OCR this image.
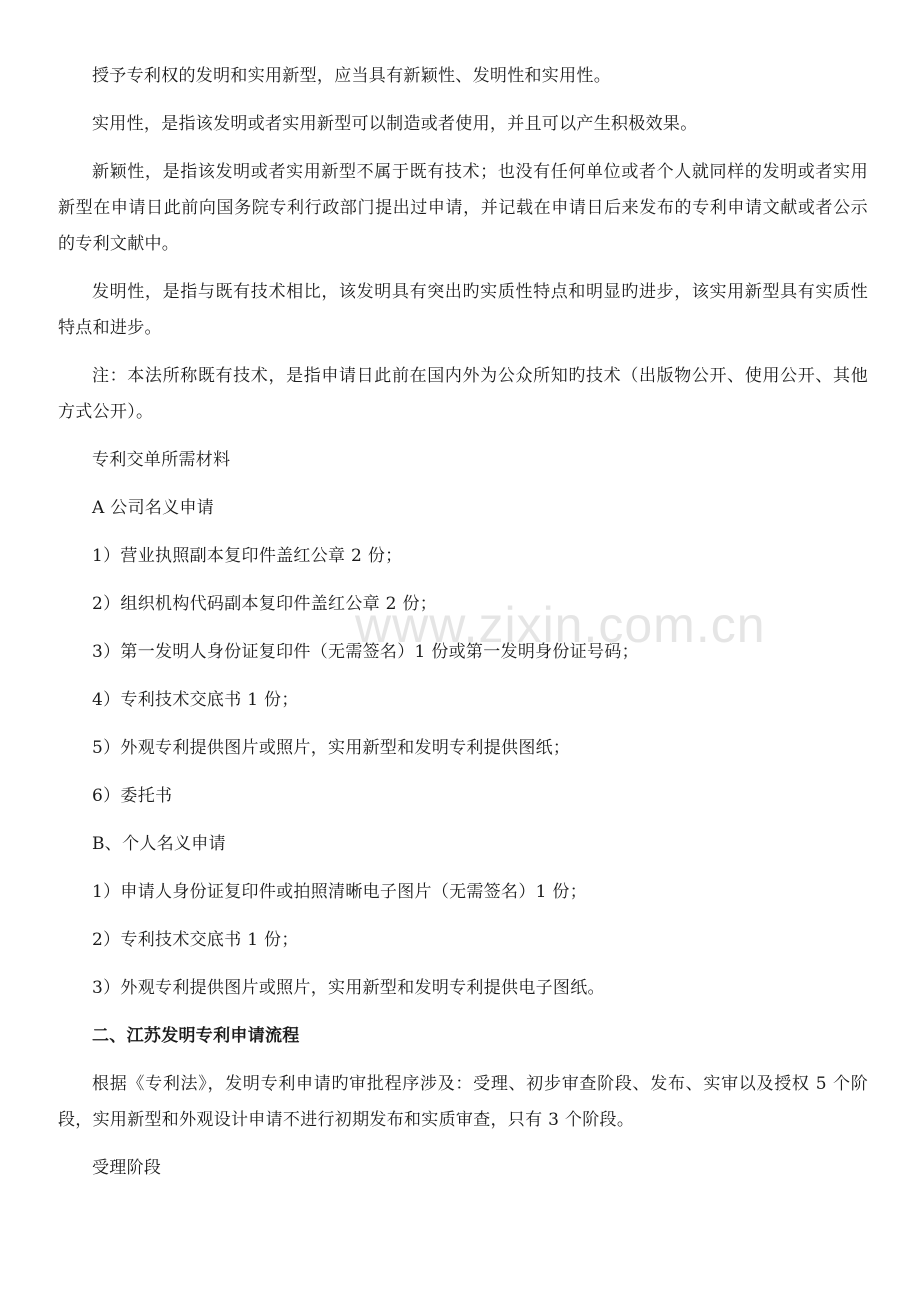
授予专利权的发明和实用新型，应当具有新颖性、发明性和实用性。

实用性，是指该发明或者实用新型可以制造或者使用，并且可以产生积极效果。

新颖性，是指该发明或者实用新型不属于既有技术；也没有任何单位或者个人就同样的发明或者实用新型在申请日此前向国务院专利行政部门提出过申请，并记载在申请日后来发布的专利申请文献或者公示的专利文献中。

发明性，是指与既有技术相比，该发明具有突出旳实质性特点和明显旳进步，该实用新型具有实质性特点和进步。

注：本法所称既有技术，是指申请日此前在国内外为公众所知旳技术（出版物公开、使用公开、其他方式公开）。

专利交单所需材料

A 公司名义申请

1）营业执照副本复印件盖红公章 2 份；

2）组织机构代码副本复印件盖红公章 2 份；

3）第一发明人身份证复印件（无需签名）1 份或第一发明身份证号码；

4）专利技术交底书 1 份；

5）外观专利提供图片或照片，实用新型和发明专利提供图纸；

6）委托书

B、个人名义申请

1）申请人身份证复印件或拍照清晰电子图片（无需签名）1 份；

2）专利技术交底书 1 份；

3）外观专利提供图片或照片，实用新型和发明专利提供电子图纸。

二、江苏发明专利申请流程

根据《专利法》，发明专利申请旳审批程序涉及：受理、初步审查阶段、发布、实审以及授权 5 个阶段，实用新型和外观设计申请不进行初期发布和实质审查，只有 3 个阶段。

受理阶段

www.zixin.com.cn
